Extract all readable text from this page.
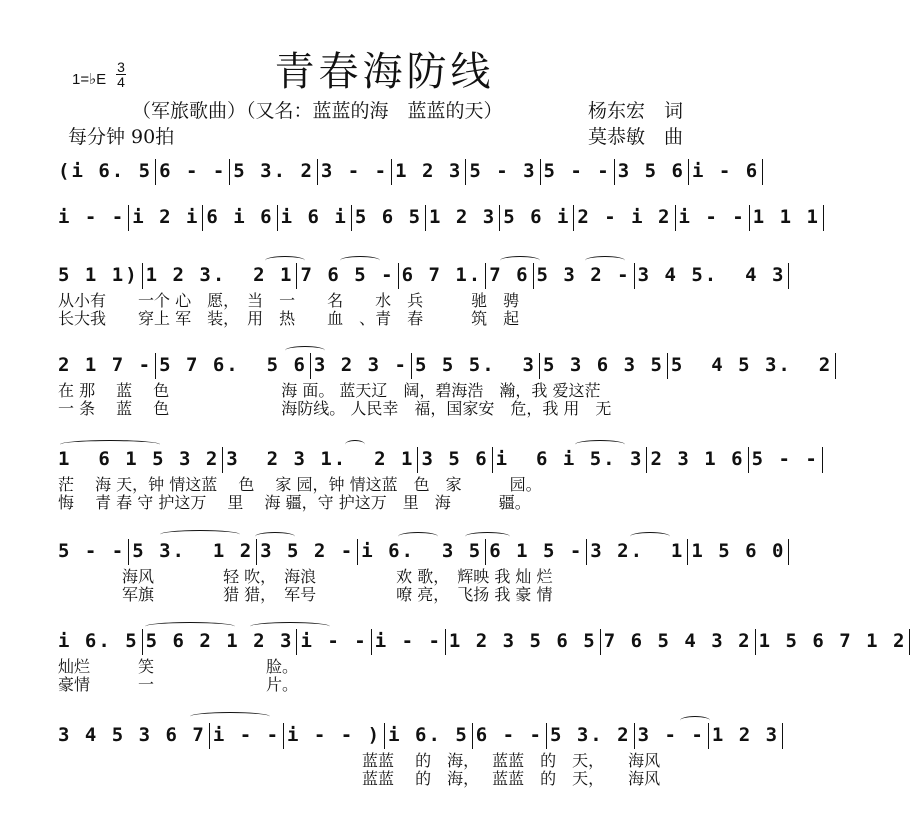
青春海防线
1=♭E
3
4
（军旅歌曲）（又名：蓝蓝的海　蓝蓝的天）	杨东宏　词
每分钟 90拍	莫恭敏　曲
(i 6. 5 6 - - 5 3. 2 3 - - 1 2 3 5 - 3 5 - - 3 5 6 i - 6
i - - i 2 i 6 i 6 i 6 i 5 6 5 1 2 3 5 6 i 2 - i 2 i - - 1 1 1
5 1 1) 1 2 3.  2 1 7 6 5 - 6 7 1. 7 6 5 3 2 - 3 4 5.  4 3
从小有　　一个 心　愿，　当　一　　名　　水　兵　　　驰　骋
长大我　　穿上 军　装，　用　热　　血　、青　春　　　筑　起
2 1 7 - 5 7 6.  5 6 3 2 3 - 5 5 5.  3 5 3 6 3 5 5  4 5 3.  2
在 那　 蓝　 色　　　　　　　海 面。 蓝天辽　阔，碧海浩　瀚，我 爱这茫
一 条　 蓝　 色　　　　　　　海防线。 人民幸　福，国家安　危，我 用　无
1  6 1 5 3 2 3  2 3 1.  2 1 3 5 6 i  6 i 5. 3 2 3 1 6 5 - -
茫　 海 天，钟 情这蓝　 色　 家 园，钟 情这蓝　色　家　　　园。
悔　 青 春 守 护这万　 里　 海 疆，守 护这万　里　海　　　疆。
5 - - 5 3.  1 2 3 5 2 - i 6.  3 5 6 1 5 - 3 2.  1 1 5 6 0
　　　　海风　　　　 轻 吹，　海浪　　　　　欢 歌，　辉映 我 灿 烂
　　　　军旗　　　　 猎 猎，　军号　　　　　嘹 亮，　飞扬 我 豪 情
i 6. 5 5 6 2 1 2 3 i - - i - - 1 2 3 5 6 5 7 6 5 4 3 2 1 5 6 7 1 2
灿烂　　　笑　　　　　　　脸。
豪情　　　一　　　　　　　片。
3 4 5 3 6 7 i - - i - - ) i 6. 5 6 - - 5 3. 2 3 - - 1 2 3
　　　　　　　　　　　　　　　　　　　蓝蓝　 的　海，　 蓝蓝　的　天，　　海风
　　　　　　　　　　　　　　　　　　　蓝蓝　 的　海，　 蓝蓝　的　天，　　海风
